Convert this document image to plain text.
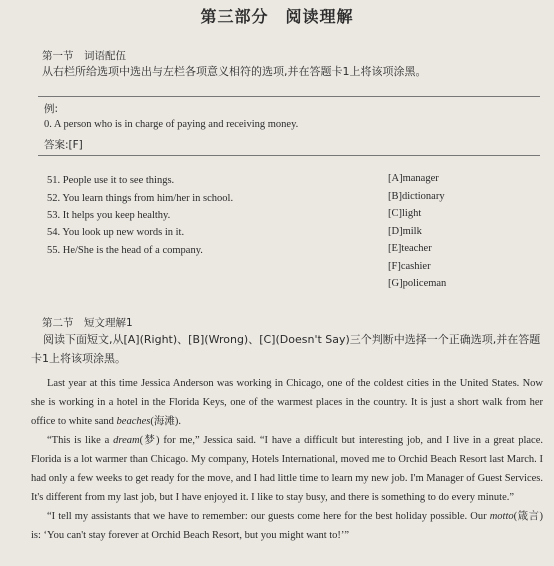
第三部分　阅读理解
第一节　词语配伍
从右栏所给选项中选出与左栏各项意义相符的选项,并在答题卡1上将该项涂黑。
例:
0. A person who is in charge of paying and receiving money.
答案:[F]
51. People use it to see things.
52. You learn things from him/her in school.
53. It helps you keep healthy.
54. You look up new words in it.
55. He/She is the head of a company.
[A]manager
[B]dictionary
[C]light
[D]milk
[E]teacher
[F]cashier
[G]policeman
第二节　短文理解1
阅读下面短文,从[A](Right)、[B](Wrong)、[C](Doesn't Say)三个判断中选择一个正确选项,并在答题
卡1上将该项涂黑。

Last year at this time Jessica Anderson was working in Chicago, one of the coldest cities in the United States. Now she is working in a hotel in the Florida Keys, one of the warmest places in the country. It is just a short walk from her office to white sand beaches(海滩).

“This is like a dream(梦) for me,” Jessica said. “I have a difficult but interesting job, and I live in a great place. Florida is a lot warmer than Chicago. My company, Hotels International, moved me to Orchid Beach Resort last March. I had only a few weeks to get ready for the move, and I had little time to learn my new job. I'm Manager of Guest Services. It's different from my last job, but I have enjoyed it. I like to stay busy, and there is something to do every minute.”

“I tell my assistants that we have to remember: our guests come here for the best holiday possible. Our motto(箴言) is: ‘You can't stay forever at Orchid Beach Resort, but you might want to!’”
